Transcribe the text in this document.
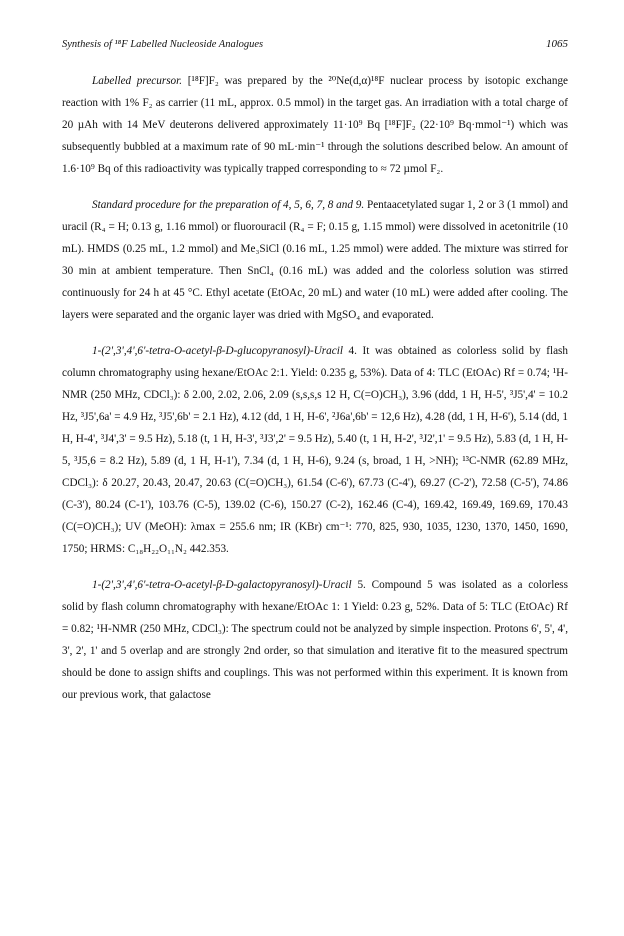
Synthesis of ¹⁸F Labelled Nucleoside Analogues	1065

Labelled precursor. [¹⁸F]F₂ was prepared by the ²⁰Ne(d,α)¹⁸F nuclear process by isotopic exchange reaction with 1% F₂ as carrier (11 mL, approx. 0.5 mmol) in the target gas. An irradiation with a total charge of 20 µAh with 14 MeV deuterons delivered approximately 11·10⁹ Bq [¹⁸F]F₂ (22·10⁹ Bq·mmol⁻¹) which was subsequently bubbled at a maximum rate of 90 mL·min⁻¹ through the solutions described below. An amount of 1.6·10⁹ Bq of this radioactivity was typically trapped corresponding to ≈ 72 µmol F₂.

Standard procedure for the preparation of 4, 5, 6, 7, 8 and 9. Pentaacetylated sugar 1, 2 or 3 (1 mmol) and uracil (R₄ = H; 0.13 g, 1.16 mmol) or fluorouracil (R₄ = F; 0.15 g, 1.15 mmol) were dissolved in acetonitrile (10 mL). HMDS (0.25 mL, 1.2 mmol) and Me₃SiCl (0.16 mL, 1.25 mmol) were added. The mixture was stirred for 30 min at ambient temperature. Then SnCl₄ (0.16 mL) was added and the colorless solution was stirred continuously for 24 h at 45 °C. Ethyl acetate (EtOAc, 20 mL) and water (10 mL) were added after cooling. The layers were separated and the organic layer was dried with MgSO₄ and evaporated.

1-(2',3',4',6'-tetra-O-acetyl-β-D-glucopyranosyl)-Uracil 4. It was obtained as colorless solid by flash column chromatography using hexane/EtOAc 2:1. Yield: 0.235 g, 53%). Data of 4: TLC (EtOAc) Rf = 0.74; ¹H-NMR (250 MHz, CDCl₃): δ 2.00, 2.02, 2.06, 2.09 (s,s,s,s 12 H, C(=O)CH₃), 3.96 (ddd, 1 H, H-5', ³J5',4' = 10.2 Hz, ³J5',6a' = 4.9 Hz, ³J5',6b' = 2.1 Hz), 4.12 (dd, 1 H, H-6', ²J6a',6b' = 12,6 Hz), 4.28 (dd, 1 H, H-6'), 5.14 (dd, 1 H, H-4', ³J4',3' = 9.5 Hz), 5.18 (t, 1 H, H-3', ³J3',2' = 9.5 Hz), 5.40 (t, 1 H, H-2', ³J2',1' = 9.5 Hz), 5.83 (d, 1 H, H-5, ³J5,6 = 8.2 Hz), 5.89 (d, 1 H, H-1'), 7.34 (d, 1 H, H-6), 9.24 (s, broad, 1 H, >NH); ¹³C-NMR (62.89 MHz, CDCl₃): δ 20.27, 20.43, 20.47, 20.63 (C(=O)CH₃), 61.54 (C-6'), 67.73 (C-4'), 69.27 (C-2'), 72.58 (C-5'), 74.86 (C-3'), 80.24 (C-1'), 103.76 (C-5), 139.02 (C-6), 150.27 (C-2), 162.46 (C-4), 169.42, 169.49, 169.69, 170.43 (C(=O)CH₃); UV (MeOH): λmax = 255.6 nm; IR (KBr) cm⁻¹: 770, 825, 930, 1035, 1230, 1370, 1450, 1690, 1750; HRMS: C₁₈H₂₂O₁₁N₂ 442.353.

1-(2',3',4',6'-tetra-O-acetyl-β-D-galactopyranosyl)-Uracil 5. Compound 5 was isolated as a colorless solid by flash column chromatography with hexane/EtOAc 1: 1 Yield: 0.23 g, 52%. Data of 5: TLC (EtOAc) Rf = 0.82; ¹H-NMR (250 MHz, CDCl₃): The spectrum could not be analyzed by simple inspection. Protons 6', 5', 4', 3', 2', 1' and 5 overlap and are strongly 2nd order, so that simulation and iterative fit to the measured spectrum should be done to assign shifts and couplings. This was not performed within this experiment. It is known from our previous work, that galactose
